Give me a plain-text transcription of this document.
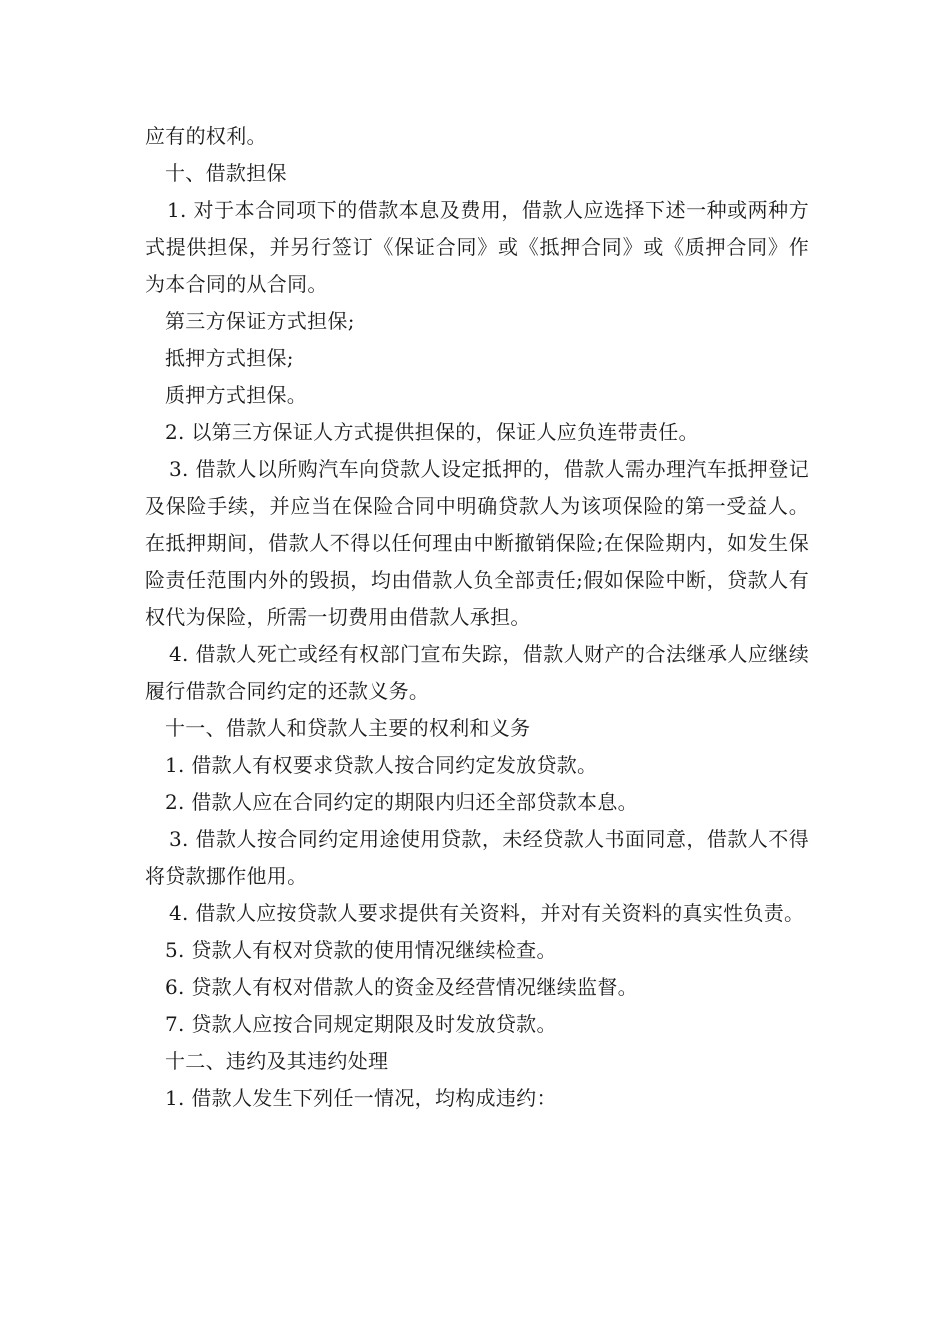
应有的权利。

十、借款担保

1. 对于本合同项下的借款本息及费用，借款人应选择下述一种或两种方式提供担保，并另行签订《保证合同》或《抵押合同》或《质押合同》作为本合同的从合同。

第三方保证方式担保;

抵押方式担保;

质押方式担保。

2. 以第三方保证人方式提供担保的，保证人应负连带责任。

3. 借款人以所购汽车向贷款人设定抵押的，借款人需办理汽车抵押登记及保险手续，并应当在保险合同中明确贷款人为该项保险的第一受益人。在抵押期间，借款人不得以任何理由中断撤销保险;在保险期内，如发生保险责任范围内外的毁损，均由借款人负全部责任;假如保险中断，贷款人有权代为保险，所需一切费用由借款人承担。

4. 借款人死亡或经有权部门宣布失踪，借款人财产的合法继承人应继续履行借款合同约定的还款义务。

十一、借款人和贷款人主要的权利和义务

1. 借款人有权要求贷款人按合同约定发放贷款。

2. 借款人应在合同约定的期限内归还全部贷款本息。

3. 借款人按合同约定用途使用贷款，未经贷款人书面同意，借款人不得将贷款挪作他用。

4. 借款人应按贷款人要求提供有关资料，并对有关资料的真实性负责。

5. 贷款人有权对贷款的使用情况继续检查。

6. 贷款人有权对借款人的资金及经营情况继续监督。

7. 贷款人应按合同规定期限及时发放贷款。

十二、违约及其违约处理

1. 借款人发生下列任一情况，均构成违约：
